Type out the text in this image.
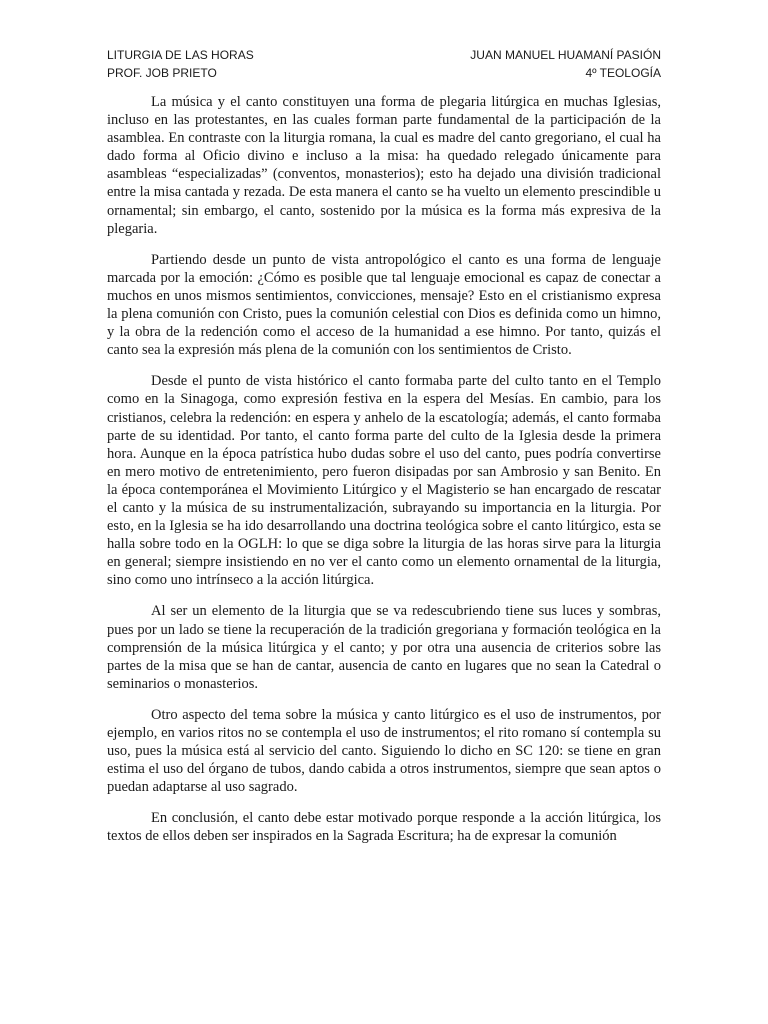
LITURGIA DE LAS HORAS	JUAN MANUEL HUAMANÍ PASIÓN
PROF. JOB PRIETO	4º TEOLOGÍA

La música y el canto constituyen una forma de plegaria litúrgica en muchas Iglesias, incluso en las protestantes, en las cuales forman parte fundamental de la participación de la asamblea. En contraste con la liturgia romana, la cual es madre del canto gregoriano, el cual ha dado forma al Oficio divino e incluso a la misa: ha quedado relegado únicamente para asambleas “especializadas” (conventos, monasterios); esto ha dejado una división tradicional entre la misa cantada y rezada. De esta manera el canto se ha vuelto un elemento prescindible u ornamental; sin embargo, el canto, sostenido por la música es la forma más expresiva de la plegaria.

Partiendo desde un punto de vista antropológico el canto es una forma de lenguaje marcada por la emoción: ¿Cómo es posible que tal lenguaje emocional es capaz de conectar a muchos en unos mismos sentimientos, convicciones, mensaje? Esto en el cristianismo expresa la plena comunión con Cristo, pues la comunión celestial con Dios es definida como un himno, y la obra de la redención como el acceso de la humanidad a ese himno. Por tanto, quizás el canto sea la expresión más plena de la comunión con los sentimientos de Cristo.

Desde el punto de vista histórico el canto formaba parte del culto tanto en el Templo como en la Sinagoga, como expresión festiva en la espera del Mesías. En cambio, para los cristianos, celebra la redención: en espera y anhelo de la escatología; además, el canto formaba parte de su identidad. Por tanto, el canto forma parte del culto de la Iglesia desde la primera hora. Aunque en la época patrística hubo dudas sobre el uso del canto, pues podría convertirse en mero motivo de entretenimiento, pero fueron disipadas por san Ambrosio y san Benito. En la época contemporánea el Movimiento Litúrgico y el Magisterio se han encargado de rescatar el canto y la música de su instrumentalización, subrayando su importancia en la liturgia. Por esto, en la Iglesia se ha ido desarrollando una doctrina teológica sobre el canto litúrgico, esta se halla sobre todo en la OGLH: lo que se diga sobre la liturgia de las horas sirve para la liturgia en general; siempre insistiendo en no ver el canto como un elemento ornamental de la liturgia, sino como uno intrínseco a la acción litúrgica.

Al ser un elemento de la liturgia que se va redescubriendo tiene sus luces y sombras, pues por un lado se tiene la recuperación de la tradición gregoriana y formación teológica en la comprensión de la música litúrgica y el canto; y por otra una ausencia de criterios sobre las partes de la misa que se han de cantar, ausencia de canto en lugares que no sean la Catedral o seminarios o monasterios.

Otro aspecto del tema sobre la música y canto litúrgico es el uso de instrumentos, por ejemplo, en varios ritos no se contempla el uso de instrumentos; el rito romano sí contempla su uso, pues la música está al servicio del canto. Siguiendo lo dicho en SC 120: se tiene en gran estima el uso del órgano de tubos, dando cabida a otros instrumentos, siempre que sean aptos o puedan adaptarse al uso sagrado.

En conclusión, el canto debe estar motivado porque responde a la acción litúrgica, los textos de ellos deben ser inspirados en la Sagrada Escritura; ha de expresar la comunión
